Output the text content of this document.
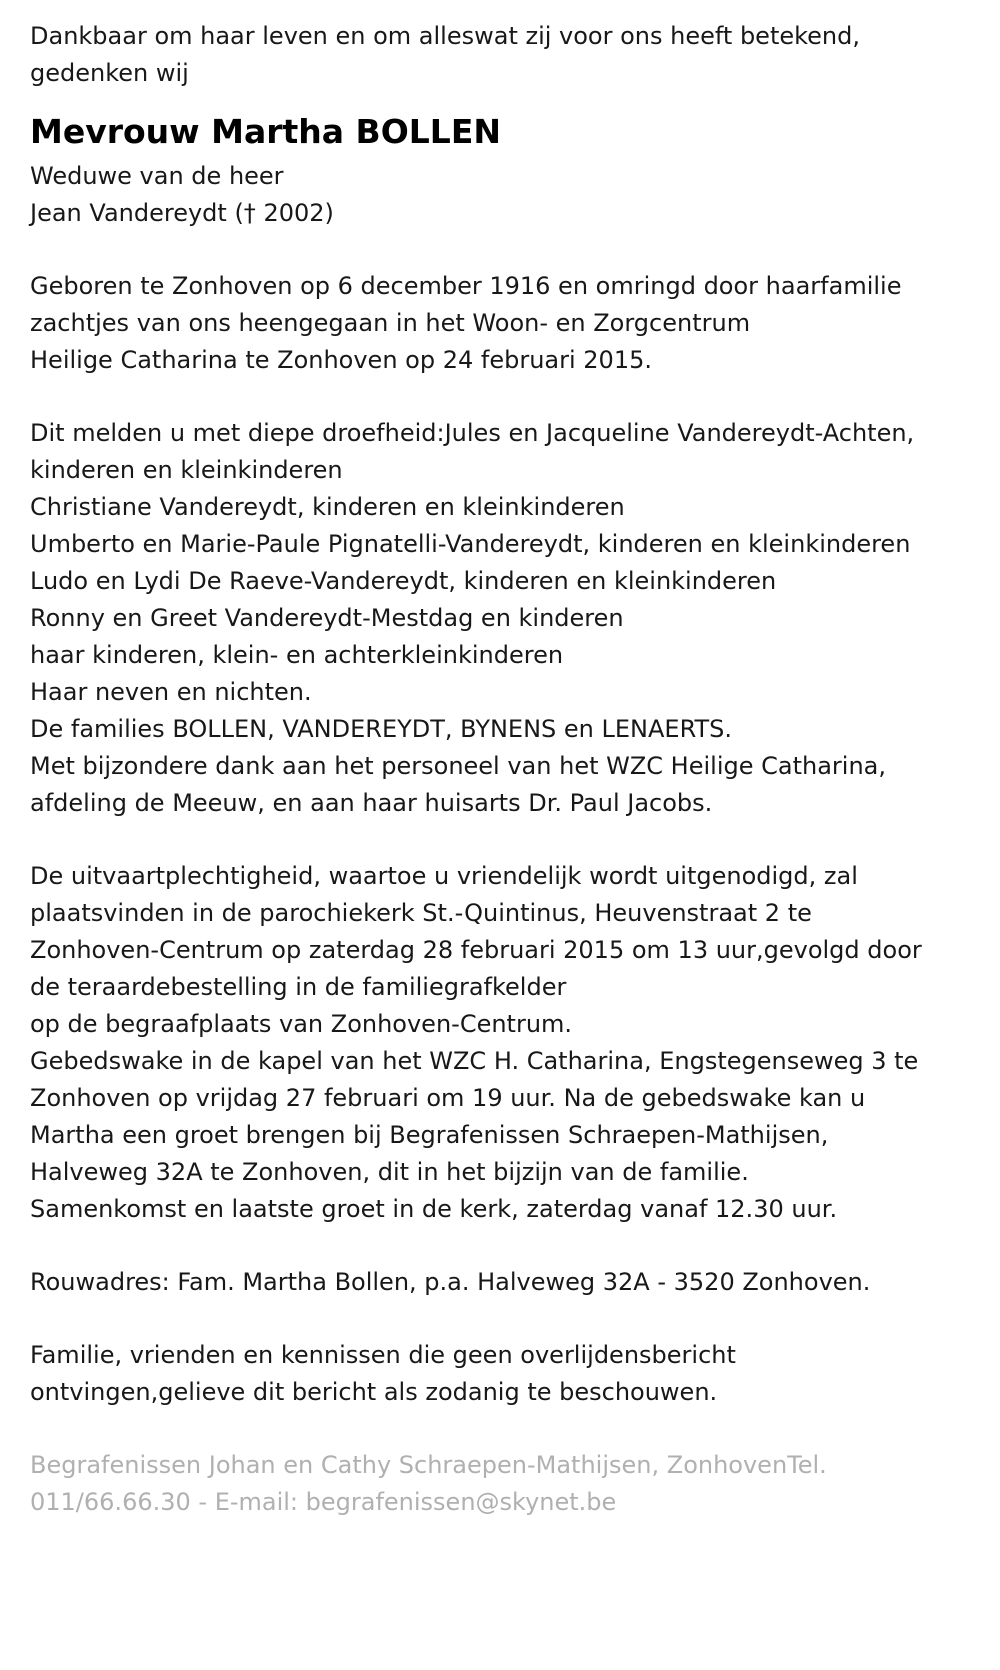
Dankbaar om haar leven en om alleswat zij voor ons heeft betekend,
gedenken wij
Mevrouw Martha BOLLEN
Weduwe van de heer
Jean Vandereydt († 2002)
Geboren te Zonhoven op 6 december 1916 en omringd door haarfamilie
zachtjes van ons heengegaan in het Woon- en Zorgcentrum
Heilige Catharina te Zonhoven op 24 februari 2015.
Dit melden u met diepe droefheid:Jules en Jacqueline Vandereydt-Achten,
kinderen en kleinkinderen
Christiane Vandereydt, kinderen en kleinkinderen
Umberto en Marie-Paule Pignatelli-Vandereydt, kinderen en kleinkinderen
Ludo en Lydi De Raeve-Vandereydt, kinderen en kleinkinderen
Ronny en Greet Vandereydt-Mestdag en kinderen
haar kinderen, klein- en achterkleinkinderen
Haar neven en nichten.
De families BOLLEN, VANDEREYDT, BYNENS en LENAERTS.
Met bijzondere dank aan het personeel van het WZC Heilige Catharina,
afdeling de Meeuw, en aan haar huisarts Dr. Paul Jacobs.
De uitvaartplechtigheid, waartoe u vriendelijk wordt uitgenodigd, zal
plaatsvinden in de parochiekerk St.-Quintinus, Heuvenstraat 2 te
Zonhoven-Centrum op zaterdag 28 februari 2015 om 13 uur,gevolgd door
de teraardebestelling in de familiegrafkelder
op de begraafplaats van Zonhoven-Centrum.
Gebedswake in de kapel van het WZC H. Catharina, Engstegenseweg 3 te
Zonhoven op vrijdag 27 februari om 19 uur. Na de gebedswake kan u
Martha een groet brengen bij Begrafenissen Schraepen-Mathijsen,
Halveweg 32A te Zonhoven, dit in het bijzijn van de familie.
Samenkomst en laatste groet in de kerk, zaterdag vanaf 12.30 uur.
Rouwadres: Fam. Martha Bollen, p.a. Halveweg 32A - 3520 Zonhoven.
Familie, vrienden en kennissen die geen overlijdensbericht
ontvingen,gelieve dit bericht als zodanig te beschouwen.
Begrafenissen Johan en Cathy Schraepen-Mathijsen, ZonhovenTel.
011/66.66.30 - E-mail: begrafenissen@skynet.be
